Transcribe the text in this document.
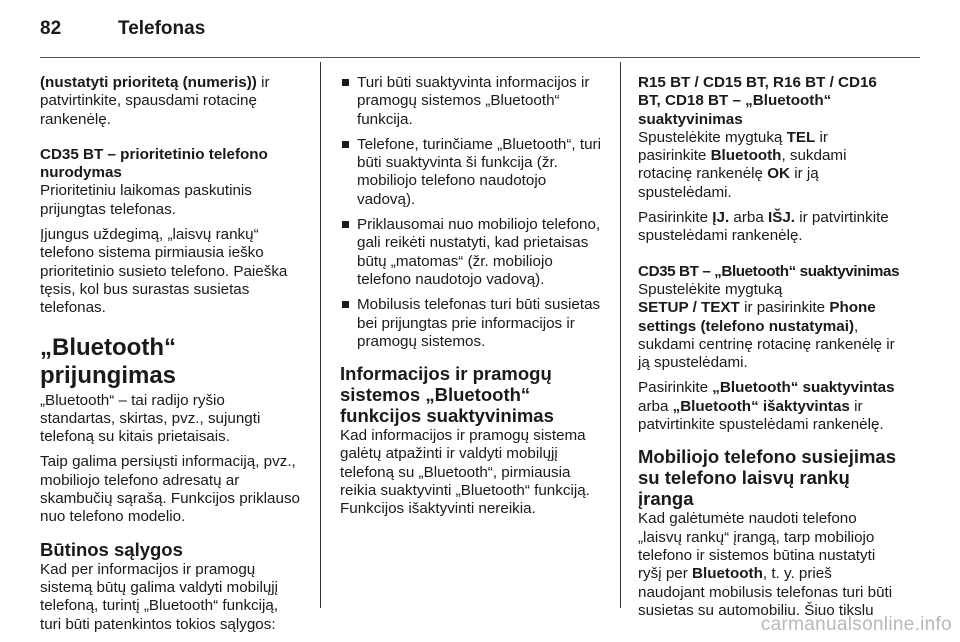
82	Telefonas

(nustatyti prioritetą (numeris)) ir patvirtinkite, spausdami rotacinę rankenėlę.

CD35 BT – prioritetinio telefono nurodymas

Prioritetiniu laikomas paskutinis prijungtas telefonas.

Įjungus uždegimą, „laisvų rankų“ telefono sistema pirmiausia ieško prioritetinio susieto telefono. Paieška tęsis, kol bus surastas susietas telefonas.

„Bluetooth“ prijungimas

„Bluetooth“ – tai radijo ryšio standartas, skirtas, pvz., sujungti telefoną su kitais prietaisais.

Taip galima persiųsti informaciją, pvz., mobiliojo telefono adresatų ar skambučių sąrašą. Funkcijos priklauso nuo telefono modelio.

Būtinos sąlygos

Kad per informacijos ir pramogų sistemą būtų galima valdyti mobilųjį telefoną, turintį „Bluetooth“ funkciją, turi būti patenkintos tokios sąlygos:

Turi būti suaktyvinta informacijos ir pramogų sistemos „Bluetooth“ funkcija.
Telefone, turinčiame „Bluetooth“, turi būti suaktyvinta ši funkcija (žr. mobiliojo telefono naudotojo vadovą).
Priklausomai nuo mobiliojo telefono, gali reikėti nustatyti, kad prietaisas būtų „matomas“ (žr. mobiliojo telefono naudotojo vadovą).
Mobilusis telefonas turi būti susietas bei prijungtas prie informacijos ir pramogų sistemos.
Informacijos ir pramogų sistemos „Bluetooth“ funkcijos suaktyvinimas

Kad informacijos ir pramogų sistema galėtų atpažinti ir valdyti mobilųjį telefoną su „Bluetooth“, pirmiausia reikia suaktyvinti „Bluetooth“ funkciją. Funkcijos išaktyvinti nereikia.

R15 BT / CD15 BT, R16 BT / CD16 BT, CD18 BT – „Bluetooth“ suaktyvinimas

Spustelėkite mygtuką TEL ir pasirinkite Bluetooth, sukdami rotacinę rankenėlę OK ir ją spustelėdami.

Pasirinkite ĮJ. arba IŠJ. ir patvirtinkite spustelėdami rankenėlę.

CD35 BT – „Bluetooth“ suaktyvinimas

Spustelėkite mygtuką
SETUP / TEXT ir pasirinkite Phone settings (telefono nustatymai), sukdami centrinę rotacinę rankenėlę ir ją spustelėdami.

Pasirinkite „Bluetooth“ suaktyvintas arba „Bluetooth“ išaktyvintas ir patvirtinkite spustelėdami rankenėlę.

Mobiliojo telefono susiejimas su telefono laisvų rankų įranga

Kad galėtumėte naudoti telefono „laisvų rankų“ įrangą, tarp mobiliojo telefono ir sistemos būtina nustatyti ryšį per Bluetooth, t. y. prieš naudojant mobilusis telefonas turi būti susietas su automobiliu. Šiuo tikslu

carmanualsonline.info
